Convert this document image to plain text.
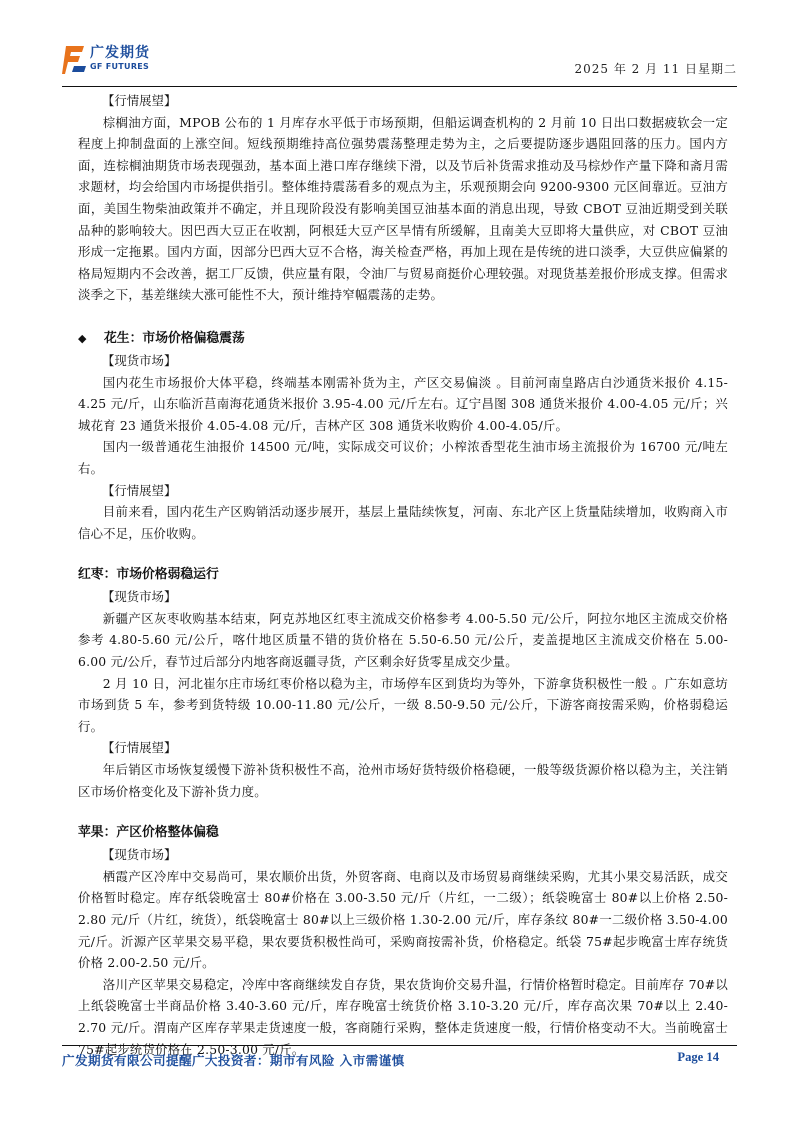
广发期货
GF FUTURES	2025 年 2 月 11 日星期二

【行情展望】

棕榈油方面，MPOB 公布的 1 月库存水平低于市场预期，但船运调查机构的 2 月前 10 日出口数据疲软会一定程度上抑制盘面的上涨空间。短线预期维持高位强势震荡整理走势为主，之后要提防逐步遇阻回落的压力。国内方面，连棕榈油期货市场表现强劲，基本面上港口库存继续下滑，以及节后补货需求推动及马棕炒作产量下降和斋月需求题材，均会给国内市场提供指引。整体维持震荡看多的观点为主，乐观预期会向 9200-9300 元区间靠近。豆油方面，美国生物柴油政策并不确定，并且现阶段没有影响美国豆油基本面的消息出现，导致 CBOT 豆油近期受到关联品种的影响较大。因巴西大豆正在收割，阿根廷大豆产区旱情有所缓解，且南美大豆即将大量供应，对 CBOT 豆油形成一定拖累。国内方面，因部分巴西大豆不合格，海关检查严格，再加上现在是传统的进口淡季，大豆供应偏紧的格局短期内不会改善，据工厂反馈，供应量有限，令油厂与贸易商挺价心理较强。对现货基差报价形成支撑。但需求淡季之下，基差继续大涨可能性不大，预计维持窄幅震荡的走势。

◆ 花生：市场价格偏稳震荡

【现货市场】

国内花生市场报价大体平稳，终端基本刚需补货为主，产区交易偏淡 。目前河南皇路店白沙通货米报价 4.15-4.25 元/斤，山东临沂莒南海花通货米报价 3.95-4.00 元/斤左右。辽宁昌图 308 通货米报价 4.00-4.05 元/斤；兴城花育 23 通货米报价 4.05-4.08 元/斤，吉林产区 308 通货米收购价 4.00-4.05/斤。

国内一级普通花生油报价 14500 元/吨，实际成交可议价；小榨浓香型花生油市场主流报价为 16700 元/吨左右。

【行情展望】

目前来看，国内花生产区购销活动逐步展开，基层上量陆续恢复，河南、东北产区上货量陆续增加，收购商入市信心不足，压价收购。

红枣：市场价格弱稳运行

【现货市场】

新疆产区灰枣收购基本结束，阿克苏地区红枣主流成交价格参考 4.00-5.50 元/公斤，阿拉尔地区主流成交价格参考 4.80-5.60 元/公斤，喀什地区质量不错的货价格在 5.50-6.50 元/公斤，麦盖提地区主流成交价格在 5.00-6.00 元/公斤，春节过后部分内地客商返疆寻货，产区剩余好货零星成交少量。

2 月 10 日，河北崔尔庄市场红枣价格以稳为主，市场停车区到货均为等外，下游拿货积极性一般 。广东如意坊市场到货 5 车，参考到货特级 10.00-11.80 元/公斤，一级 8.50-9.50 元/公斤，下游客商按需采购，价格弱稳运行。

【行情展望】

年后销区市场恢复缓慢下游补货积极性不高，沧州市场好货特级价格稳硬，一般等级货源价格以稳为主，关注销区市场价格变化及下游补货力度。

苹果：产区价格整体偏稳

【现货市场】

栖霞产区冷库中交易尚可，果农顺价出货，外贸客商、电商以及市场贸易商继续采购，尤其小果交易活跃，成交价格暂时稳定。库存纸袋晚富士 80#价格在 3.00-3.50 元/斤（片红，一二级）；纸袋晚富士 80#以上价格 2.50-2.80 元/斤（片红，统货），纸袋晚富士 80#以上三级价格 1.30-2.00 元/斤，库存条纹 80#一二级价格 3.50-4.00 元/斤。沂源产区苹果交易平稳，果农要货积极性尚可，采购商按需补货，价格稳定。纸袋 75#起步晚富士库存统货价格 2.00-2.50 元/斤。

洛川产区苹果交易稳定，冷库中客商继续发自存货，果农货询价交易升温，行情价格暂时稳定。目前库存 70#以上纸袋晚富士半商品价格 3.40-3.60 元/斤，库存晚富士统货价格 3.10-3.20 元/斤，库存高次果 70#以上 2.40-2.70 元/斤。渭南产区库存苹果走货速度一般，客商随行采购，整体走货速度一般，行情价格变动不大。当前晚富士 75#起步统货价格在 2.50-3.00 元/斤。

广发期货有限公司提醒广大投资者：期市有风险 入市需谨慎	Page 14
